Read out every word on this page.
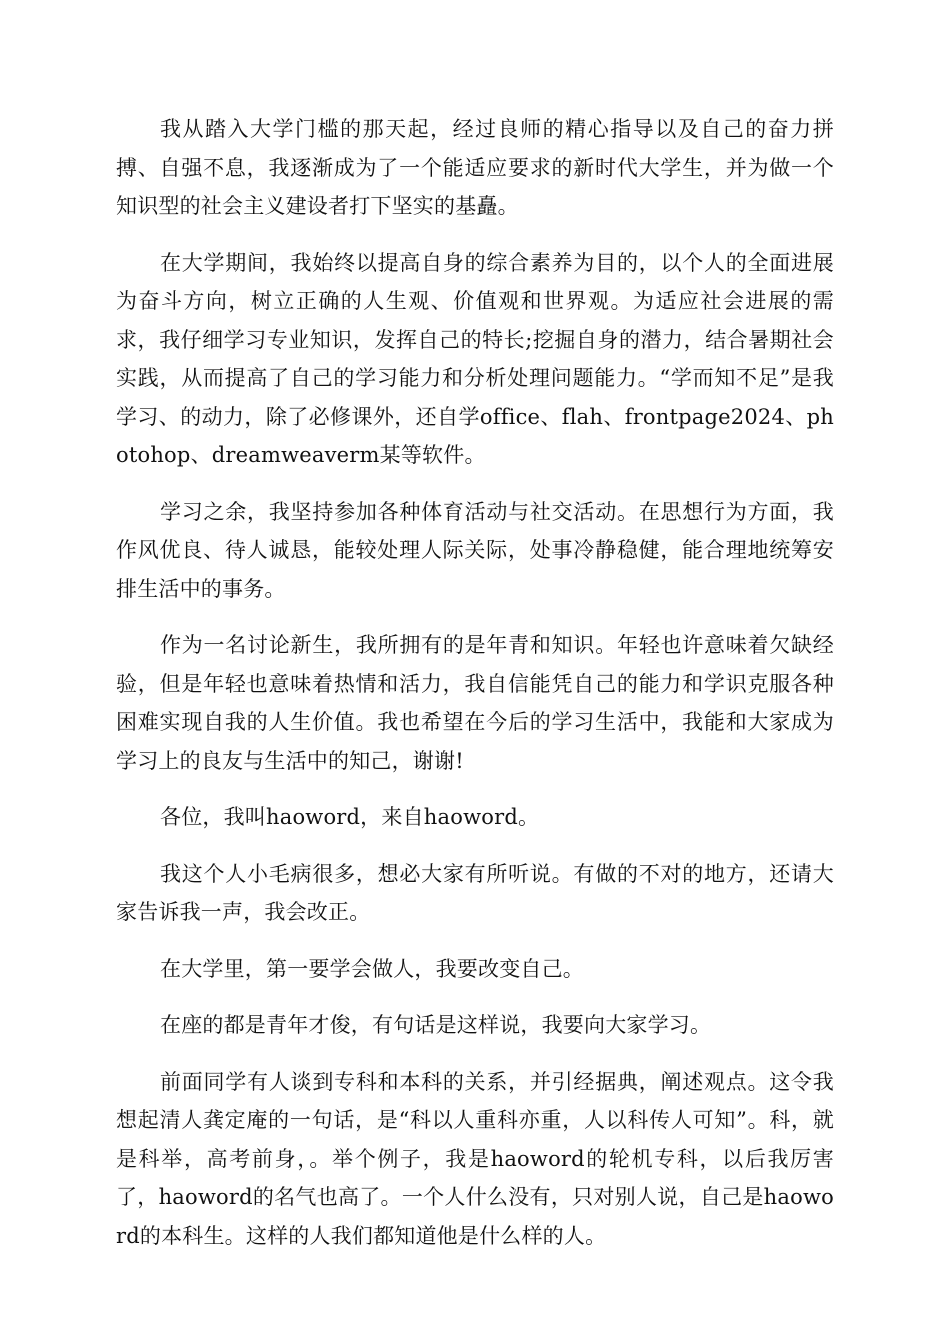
我从踏入大学门槛的那天起，经过良师的精心指导以及自己的奋力拼搏、自强不息，我逐渐成为了一个能适应要求的新时代大学生，并为做一个知识型的社会主义建设者打下坚实的基矗。

在大学期间，我始终以提高自身的综合素养为目的，以个人的全面进展为奋斗方向，树立正确的人生观、价值观和世界观。为适应社会进展的需求，我仔细学习专业知识，发挥自己的特长;挖掘自身的潜力，结合暑期社会实践，从而提高了自己的学习能力和分析处理问题能力。“学而知不足”是我学习、的动力，除了必修课外，还自学office、flah、frontpage2024、photohop、dreamweaverm某等软件。

学习之余，我坚持参加各种体育活动与社交活动。在思想行为方面，我作风优良、待人诚恳，能较处理人际关际，处事冷静稳健，能合理地统筹安排生活中的事务。

作为一名讨论新生，我所拥有的是年青和知识。年轻也许意味着欠缺经验，但是年轻也意味着热情和活力，我自信能凭自己的能力和学识克服各种困难实现自我的人生价值。我也希望在今后的学习生活中，我能和大家成为学习上的良友与生活中的知己，谢谢!

各位，我叫haoword，来自haoword。

我这个人小毛病很多，想必大家有所听说。有做的不对的地方，还请大家告诉我一声，我会改正。

在大学里，第一要学会做人，我要改变自己。

在座的都是青年才俊，有句话是这样说，我要向大家学习。

前面同学有人谈到专科和本科的关系，并引经据典，阐述观点。这令我想起清人龚定庵的一句话，是“科以人重科亦重，人以科传人可知”。科，就是科举，高考前身，。举个例子，我是haoword的轮机专科，以后我厉害了，haoword的名气也高了。一个人什么没有，只对别人说，自己是haoword的本科生。这样的人我们都知道他是什么样的人。
